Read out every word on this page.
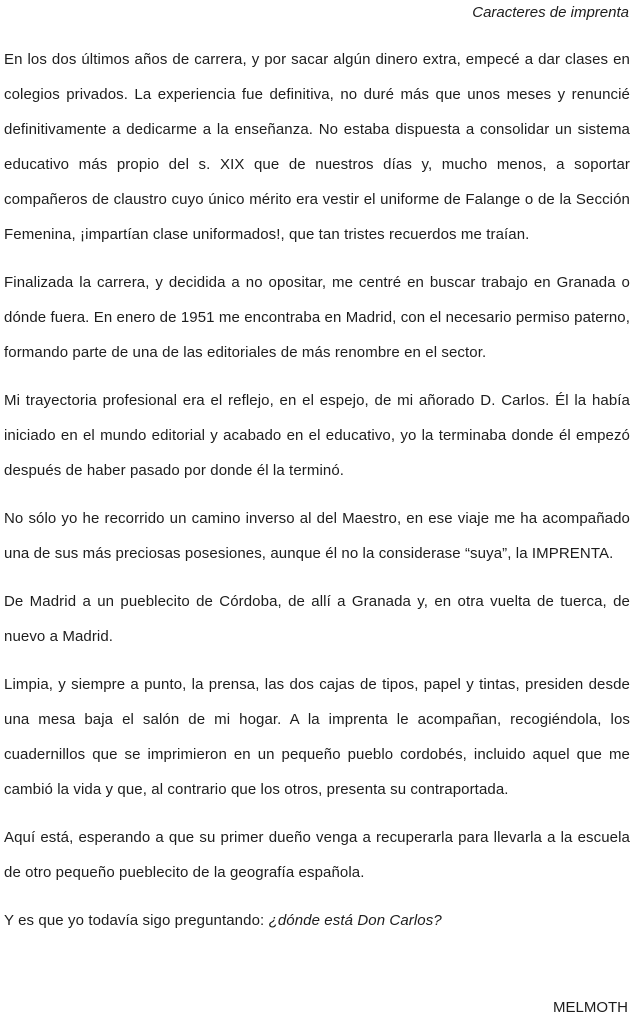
Caracteres de imprenta

En los dos últimos años de carrera, y por sacar algún dinero extra, empecé a dar clases en colegios privados. La experiencia fue definitiva, no duré más que unos meses y renuncié definitivamente a dedicarme a la enseñanza. No estaba dispuesta a consolidar un sistema educativo más propio del s. XIX que de nuestros días y, mucho menos, a soportar compañeros de claustro cuyo único mérito era vestir el uniforme de Falange o de la Sección Femenina, ¡impartían clase uniformados!, que tan tristes recuerdos me traían.

Finalizada la carrera, y decidida a no opositar, me centré en buscar trabajo en Granada o dónde fuera. En enero de 1951 me encontraba en Madrid, con el necesario permiso paterno, formando parte de una de las editoriales de más renombre en el sector.

Mi trayectoria profesional era el reflejo, en el espejo, de mi añorado D. Carlos. Él la había iniciado en el mundo editorial y acabado en el educativo, yo la terminaba donde él empezó después de haber pasado por donde él la terminó.

No sólo yo he recorrido un camino inverso al del Maestro, en ese viaje me ha acompañado una de sus más preciosas posesiones, aunque él no la considerase “suya”, la IMPRENTA.

De Madrid a un pueblecito de Córdoba, de allí a Granada y, en otra vuelta de tuerca, de nuevo a Madrid.

Limpia, y siempre a punto, la prensa, las dos cajas de tipos, papel y tintas, presiden desde una mesa baja el salón de mi hogar. A la imprenta le acompañan, recogiéndola, los cuadernillos que se imprimieron en un pequeño pueblo cordobés, incluido aquel que me cambió la vida y que, al contrario que los otros, presenta su contraportada.

Aquí está, esperando a que su primer dueño venga a recuperarla para llevarla a la escuela de otro pequeño pueblecito de la geografía española.

Y es que yo todavía sigo preguntando: ¿dónde está Don Carlos?

MELMOTH
